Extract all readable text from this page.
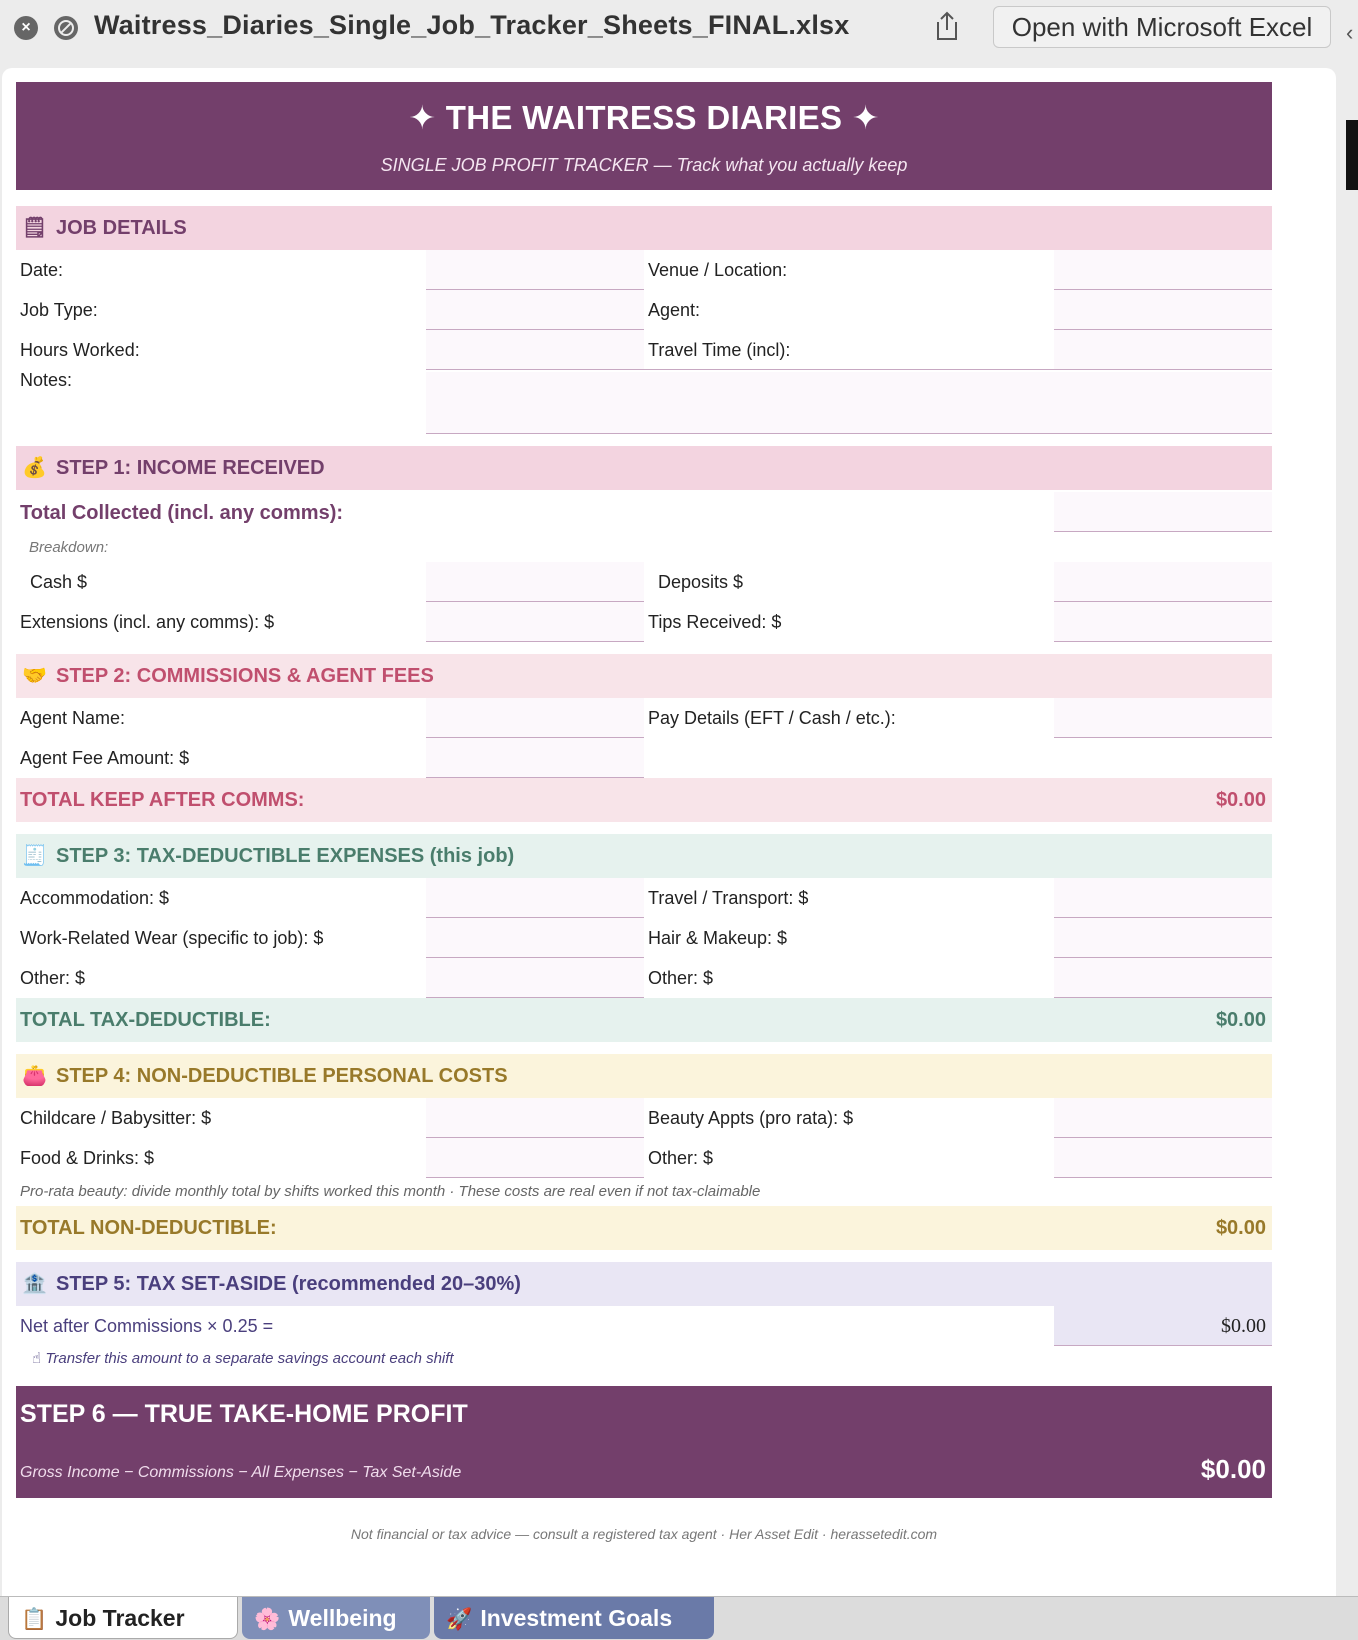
× Waitress_Diaries_Single_Job_Tracker_Sheets_FINAL.xlsx	Open with Microsoft Excel	‹
✦ THE WAITRESS DIARIES ✦
SINGLE JOB PROFIT TRACKER — Track what you actually keep
🗒 JOB DETAILS
Date:	Venue / Location:
Job Type:	Agent:
Hours Worked:	Travel Time (incl):
Notes:
💰 STEP 1: INCOME RECEIVED
Total Collected (incl. any comms):
Breakdown:
Cash $	Deposits $
Extensions (incl. any comms): $	Tips Received: $
🤝 STEP 2: COMMISSIONS & AGENT FEES
Agent Name:	Pay Details (EFT / Cash / etc.):
Agent Fee Amount: $
TOTAL KEEP AFTER COMMS:	$0.00
🧾 STEP 3: TAX-DEDUCTIBLE EXPENSES (this job)
Accommodation: $	Travel / Transport: $
Work-Related Wear (specific to job): $	Hair & Makeup: $
Other: $	Other: $
TOTAL TAX-DEDUCTIBLE:	$0.00
👛 STEP 4: NON-DEDUCTIBLE PERSONAL COSTS
Childcare / Babysitter: $	Beauty Appts (pro rata): $
Food & Drinks: $	Other: $
Pro-rata beauty: divide monthly total by shifts worked this month · These costs are real even if not tax-claimable
TOTAL NON-DEDUCTIBLE:	$0.00
🏦 STEP 5: TAX SET-ASIDE (recommended 20–30%)
Net after Commissions × 0.25 =	$0.00
☝ Transfer this amount to a separate savings account each shift
STEP 6 — TRUE TAKE-HOME PROFIT
Gross Income − Commissions − All Expenses − Tax Set-Aside	$0.00
Not financial or tax advice — consult a registered tax agent · Her Asset Edit · herassetedit.com
📋 Job Tracker	🌸 Wellbeing	🚀 Investment Goals
